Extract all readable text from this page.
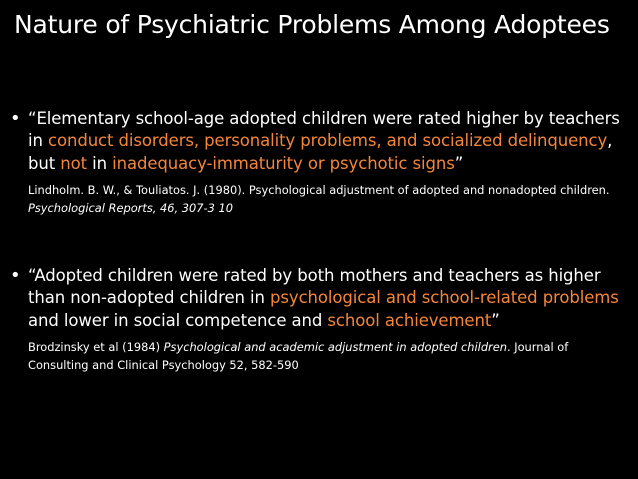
Nature of Psychiatric Problems Among Adoptees
• “Elementary school-age adopted children were rated higher by teachers in conduct disorders, personality problems, and socialized delinquency, but not in inadequacy-immaturity or psychotic signs”
Lindholm. B. W., & Touliatos. J. (1980). Psychological adjustment of adopted and nonadopted children.
Psychological Reports, 46, 307-3 10
• “Adopted children were rated by both mothers and teachers as higher than non-adopted children in psychological and school-related problems and lower in social competence and school achievement”
Brodzinsky et al (1984) Psychological and academic adjustment in adopted children. Journal of Consulting and Clinical Psychology 52, 582-590
